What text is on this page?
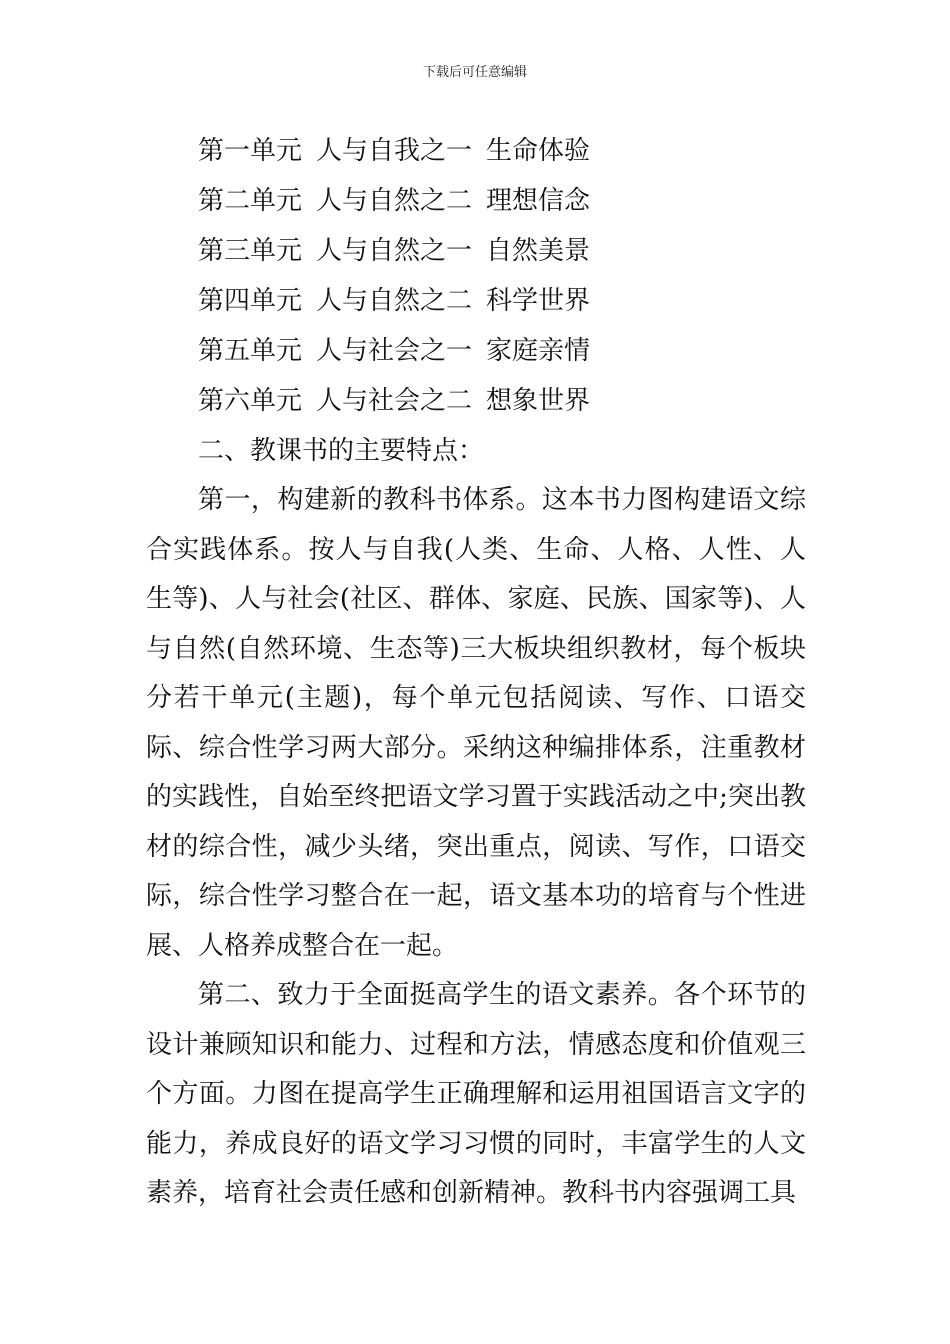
下载后可任意编辑
第一单元 人与自我之一 生命体验
第二单元 人与自然之二 理想信念
第三单元 人与自然之一 自然美景
第四单元 人与自然之二 科学世界
第五单元 人与社会之一 家庭亲情
第六单元 人与社会之二 想象世界
二、教课书的主要特点：

第一，构建新的教科书体系。这本书力图构建语文综合实践体系。按人与自我(人类、生命、人格、人性、人生等)、人与社会(社区、群体、家庭、民族、国家等)、人与自然(自然环境、生态等)三大板块组织教材，每个板块分若干单元(主题)，每个单元包括阅读、写作、口语交际、综合性学习两大部分。采纳这种编排体系，注重教材的实践性，自始至终把语文学习置于实践活动之中;突出教材的综合性，减少头绪，突出重点，阅读、写作，口语交际，综合性学习整合在一起，语文基本功的培育与个性进展、人格养成整合在一起。

第二、致力于全面挺高学生的语文素养。各个环节的设计兼顾知识和能力、过程和方法，情感态度和价值观三个方面。力图在提高学生正确理解和运用祖国语言文字的能力，养成良好的语文学习习惯的同时，丰富学生的人文素养，培育社会责任感和创新精神。教科书内容强调工具
